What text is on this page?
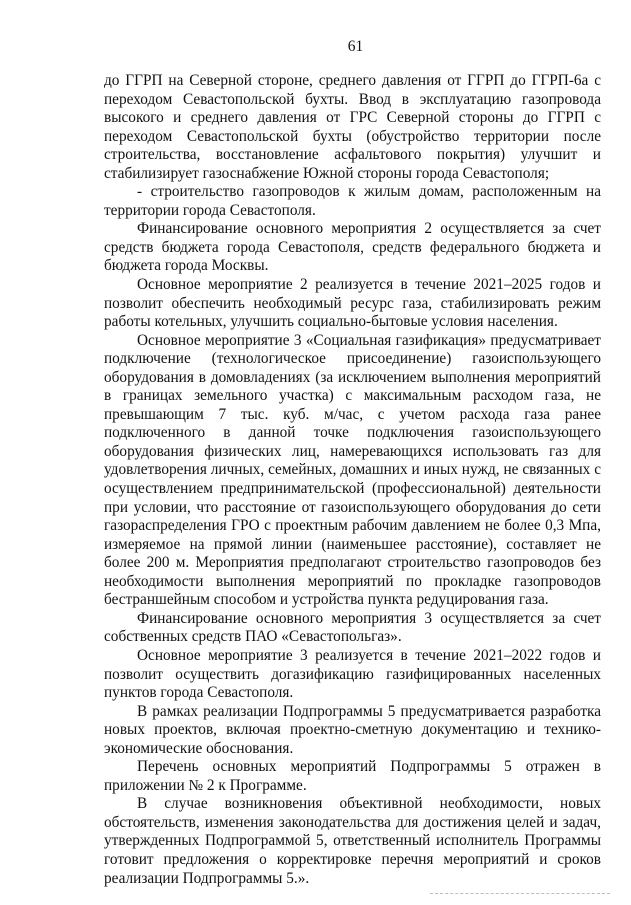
61

до ГГРП на Северной стороне, среднего давления от ГГРП до ГГРП-6а с переходом Севастопольской бухты. Ввод в эксплуатацию газопровода высокого и среднего давления от ГРС Северной стороны до ГГРП с переходом Севастопольской бухты (обустройство территории после строительства, восстановление асфальтового покрытия) улучшит и стабилизирует газоснабжение Южной стороны города Севастополя;

- строительство газопроводов к жилым домам, расположенным на территории города Севастополя.

Финансирование основного мероприятия 2 осуществляется за счет средств бюджета города Севастополя, средств федерального бюджета и бюджета города Москвы.

Основное мероприятие 2 реализуется в течение 2021–2025 годов и позволит обеспечить необходимый ресурс газа, стабилизировать режим работы котельных, улучшить социально-бытовые условия населения.

Основное мероприятие 3 «Социальная газификация» предусматривает подключение (технологическое присоединение) газоиспользующего оборудования в домовладениях (за исключением выполнения мероприятий в границах земельного участка) с максимальным расходом газа, не превышающим 7 тыс. куб. м/час, с учетом расхода газа ранее подключенного в данной точке подключения газоиспользующего оборудования физических лиц, намеревающихся использовать газ для удовлетворения личных, семейных, домашних и иных нужд, не связанных с осуществлением предпринимательской (профессиональной) деятельности при условии, что расстояние от газоиспользующего оборудования до сети газораспределения ГРО с проектным рабочим давлением не более 0,3 Мпа, измеряемое на прямой линии (наименьшее расстояние), составляет не более 200 м. Мероприятия предполагают строительство газопроводов без необходимости выполнения мероприятий по прокладке газопроводов бестраншейным способом и устройства пункта редуцирования газа.

Финансирование основного мероприятия 3 осуществляется за счет собственных средств ПАО «Севастопольгаз».

Основное мероприятие 3 реализуется в течение 2021–2022 годов и позволит осуществить догазификацию газифицированных населенных пунктов города Севастополя.

В рамках реализации Подпрограммы 5 предусматривается разработка новых проектов, включая проектно-сметную документацию и технико-экономические обоснования.

Перечень основных мероприятий Подпрограммы 5 отражен в приложении № 2 к Программе.

В случае возникновения объективной необходимости, новых обстоятельств, изменения законодательства для достижения целей и задач, утвержденных Подпрограммой 5, ответственный исполнитель Программы готовит предложения о корректировке перечня мероприятий и сроков реализации Подпрограммы 5.».
